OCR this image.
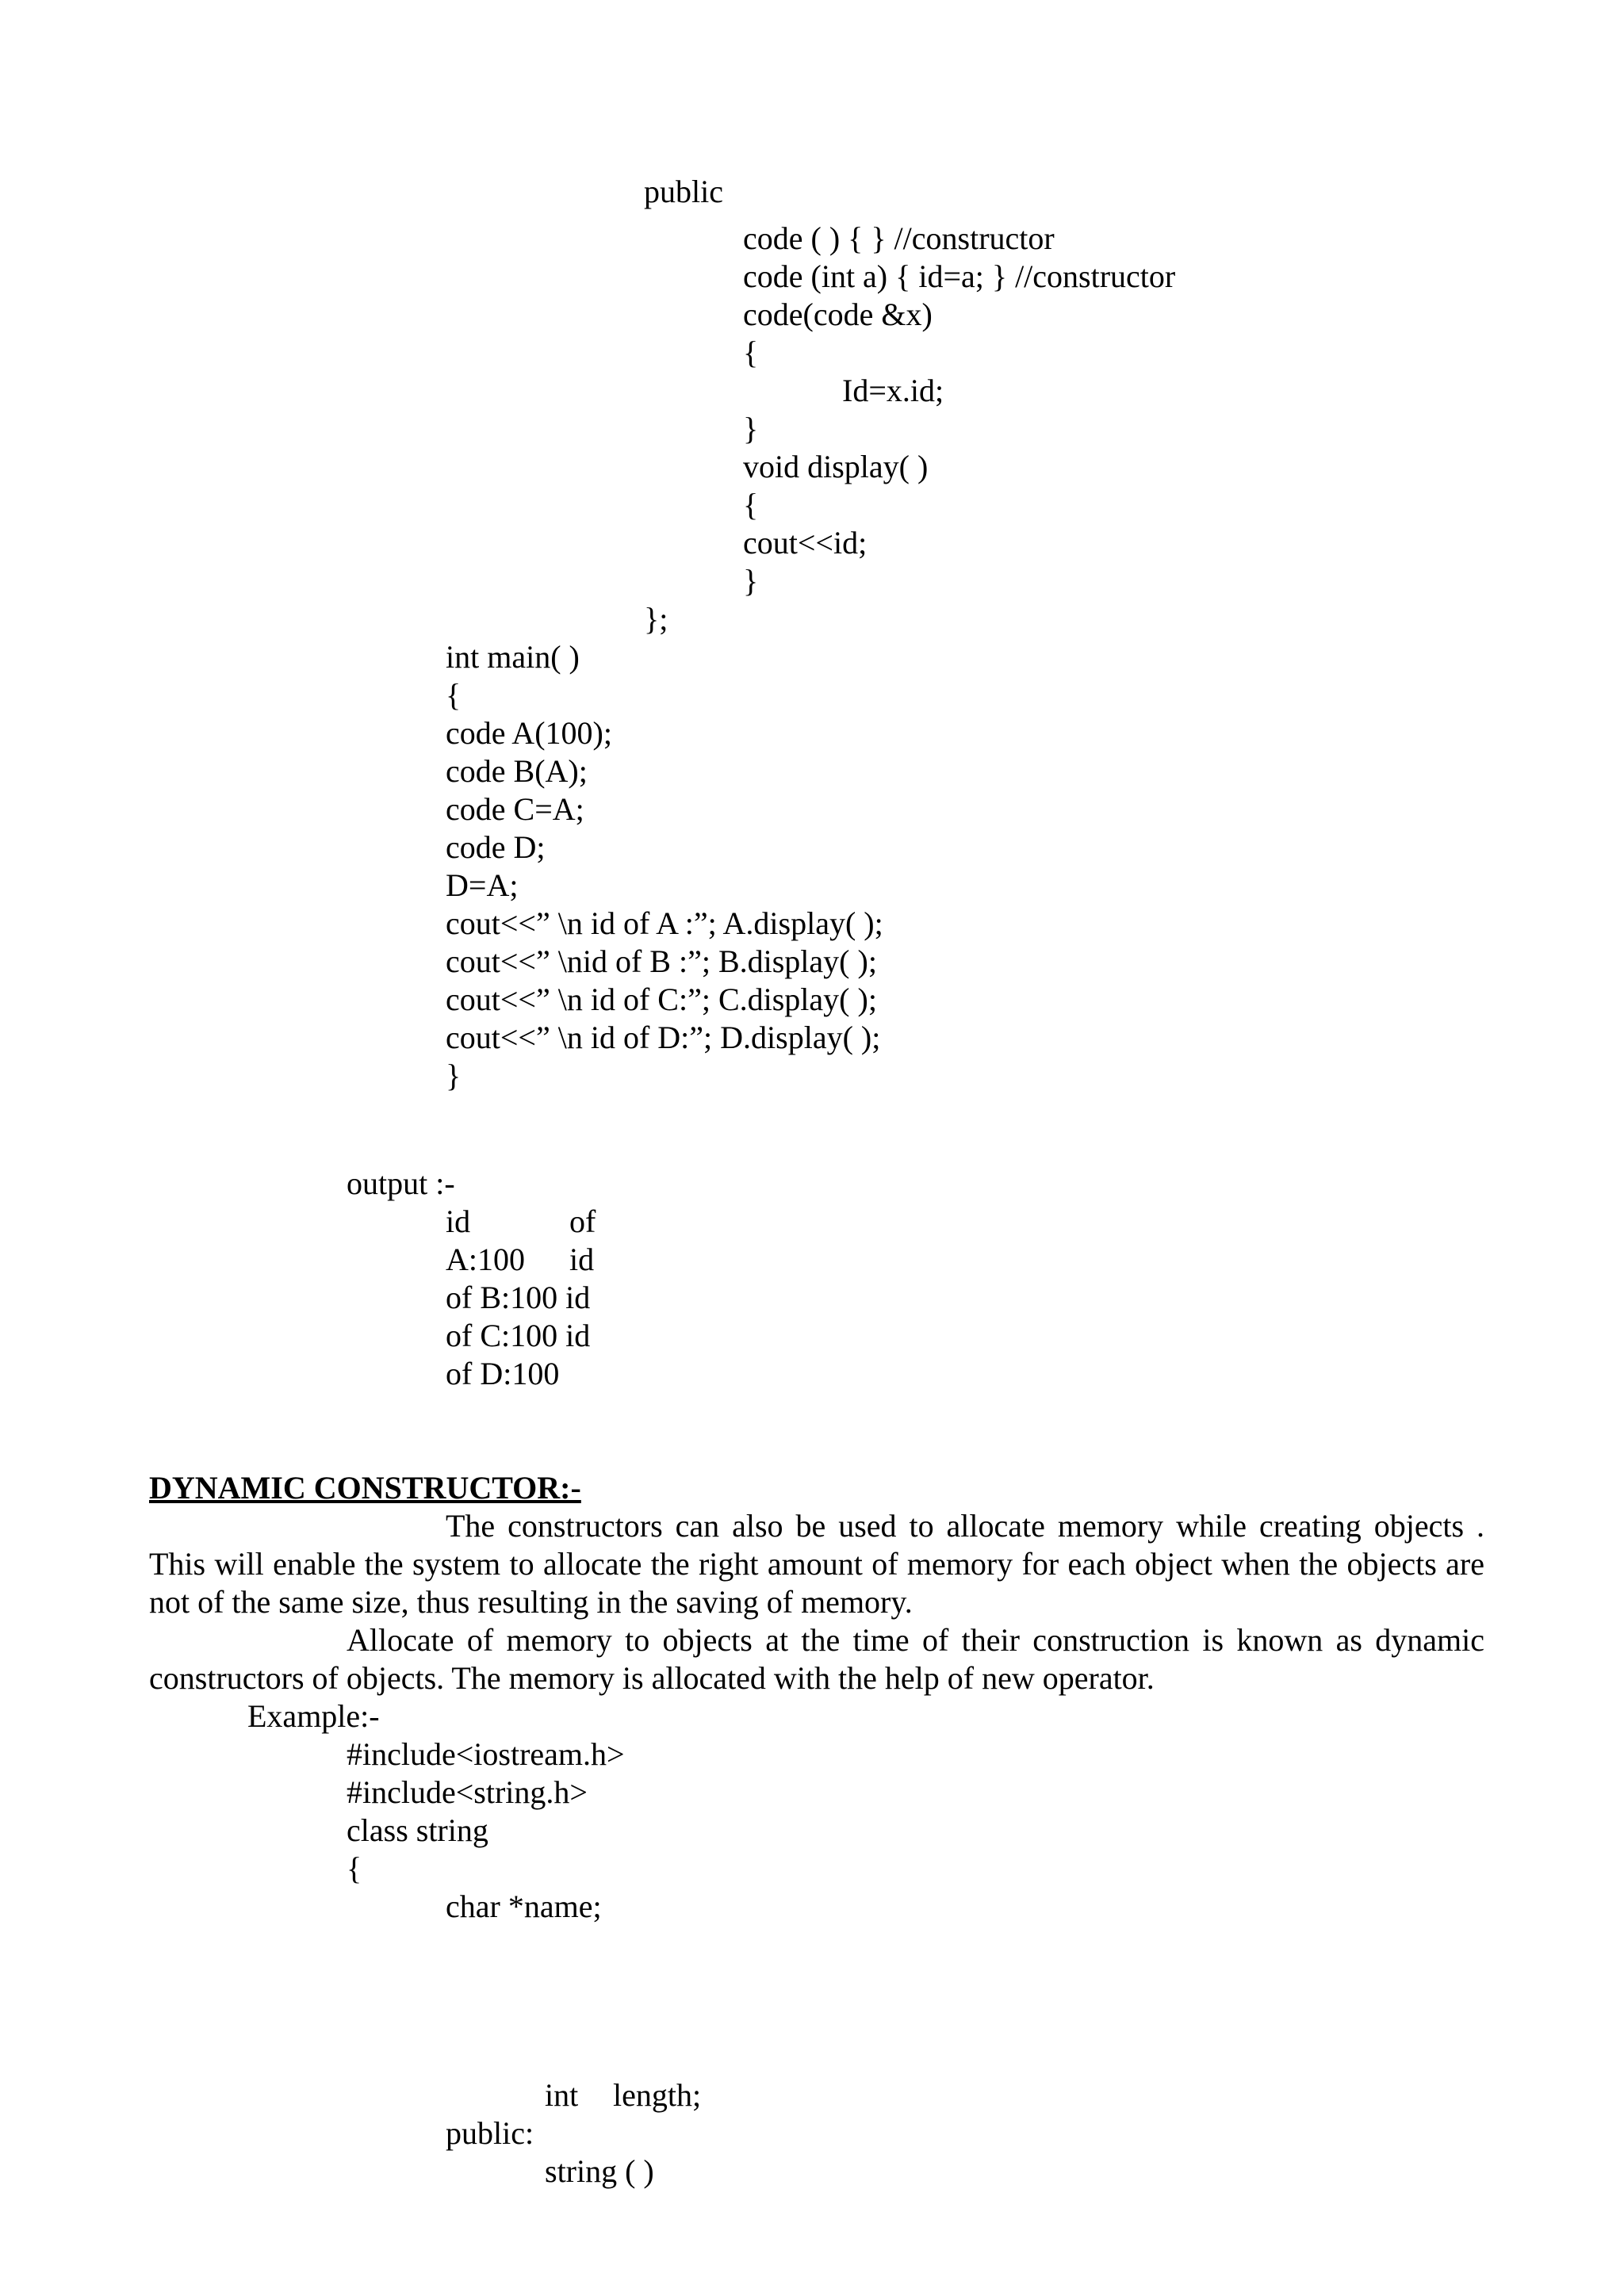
public
code ( ) { } //constructor
code (int a) { id=a; } //constructor
code(code &x)
{
Id=x.id;
}
void display( )
{
cout<<id;
}
};
int main( )
{
code A(100);
code B(A);
code C=A;
code D;
D=A;
cout<<” \n id of A :”; A.display( );
cout<<” \nid of B :”; B.display( );
cout<<” \n id of C:”; C.display( );
cout<<” \n id of D:”; D.display( );
}
output :-

id

	of

A:100

id

of B:100 id

of C:100 id

of D:100

DYNAMIC CONSTRUCTOR:-
The constructors can also be used to allocate memory while creating objects . This will enable the system to allocate the right amount of memory for each object when the objects are not of the same size, thus resulting in the saving of memory.
Allocate of memory to objects at the time of their construction is known as dynamic constructors of objects. The memory is allocated with the help of new operator.
Example:-
#include<iostream.h>
#include<string.h>
class string
{
char *name;
int length;
public:
string ( )
